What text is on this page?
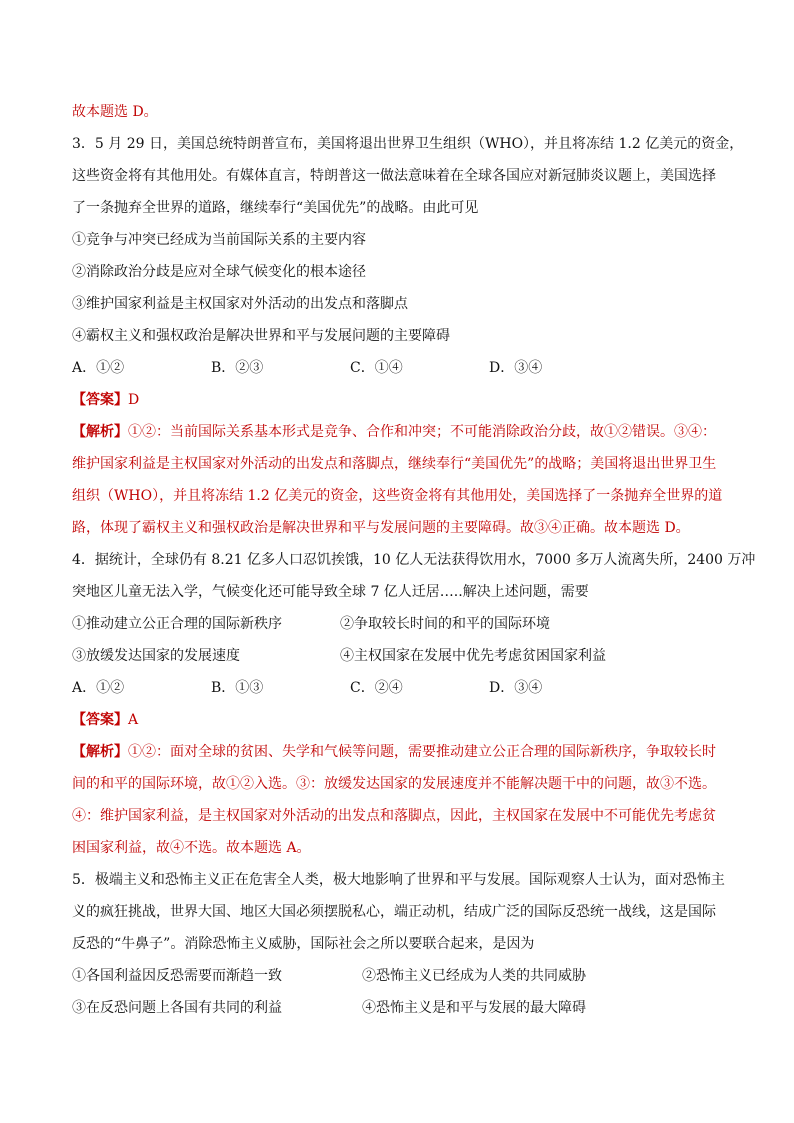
故本题选 D。
3．5 月 29 日，美国总统特朗普宣布，美国将退出世界卫生组织（WHO），并且将冻结 1.2 亿美元的资金，
这些资金将有其他用处。有媒体直言，特朗普这一做法意味着在全球各国应对新冠肺炎议题上，美国选择
了一条抛弃全世界的道路，继续奉行“美国优先”的战略。由此可见
①竞争与冲突已经成为当前国际关系的主要内容
②消除政治分歧是应对全球气候变化的根本途径
③维护国家利益是主权国家对外活动的出发点和落脚点
④霸权主义和强权政治是解决世界和平与发展问题的主要障碍
A．①②	B．②③	C．①④	D．③④
【答案】D
【解析】①②：当前国际关系基本形式是竞争、合作和冲突；不可能消除政治分歧，故①②错误。③④：
维护国家利益是主权国家对外活动的出发点和落脚点，继续奉行“美国优先”的战略；美国将退出世界卫生
组织（WHO），并且将冻结 1.2 亿美元的资金，这些资金将有其他用处，美国选择了一条抛弃全世界的道
路，体现了霸权主义和强权政治是解决世界和平与发展问题的主要障碍。故③④正确。故本题选 D。
4．据统计，全球仍有 8.21 亿多人口忍饥挨饿，10 亿人无法获得饮用水，7000 多万人流离失所，2400 万冲
突地区儿童无法入学，气候变化还可能导致全球 7 亿人迁居…..解决上述问题，需要
①推动建立公正合理的国际新秩序	②争取较长时间的和平的国际环境
③放缓发达国家的发展速度	④主权国家在发展中优先考虑贫困国家利益
A．①②	B．①③	C．②④	D．③④
【答案】A
【解析】①②：面对全球的贫困、失学和气候等问题，需要推动建立公正合理的国际新秩序，争取较长时
间的和平的国际环境，故①②入选。③：放缓发达国家的发展速度并不能解决题干中的问题，故③不选。
④：维护国家利益，是主权国家对外活动的出发点和落脚点，因此，主权国家在发展中不可能优先考虑贫
困国家利益，故④不选。故本题选 A。
5．极端主义和恐怖主义正在危害全人类，极大地影响了世界和平与发展。国际观察人士认为，面对恐怖主
义的疯狂挑战，世界大国、地区大国必须摆脱私心，端正动机，结成广泛的国际反恐统一战线，这是国际
反恐的“牛鼻子”。消除恐怖主义威胁，国际社会之所以要联合起来，是因为
①各国利益因反恐需要而渐趋一致	②恐怖主义已经成为人类的共同威胁
③在反恐问题上各国有共同的利益	④恐怖主义是和平与发展的最大障碍
